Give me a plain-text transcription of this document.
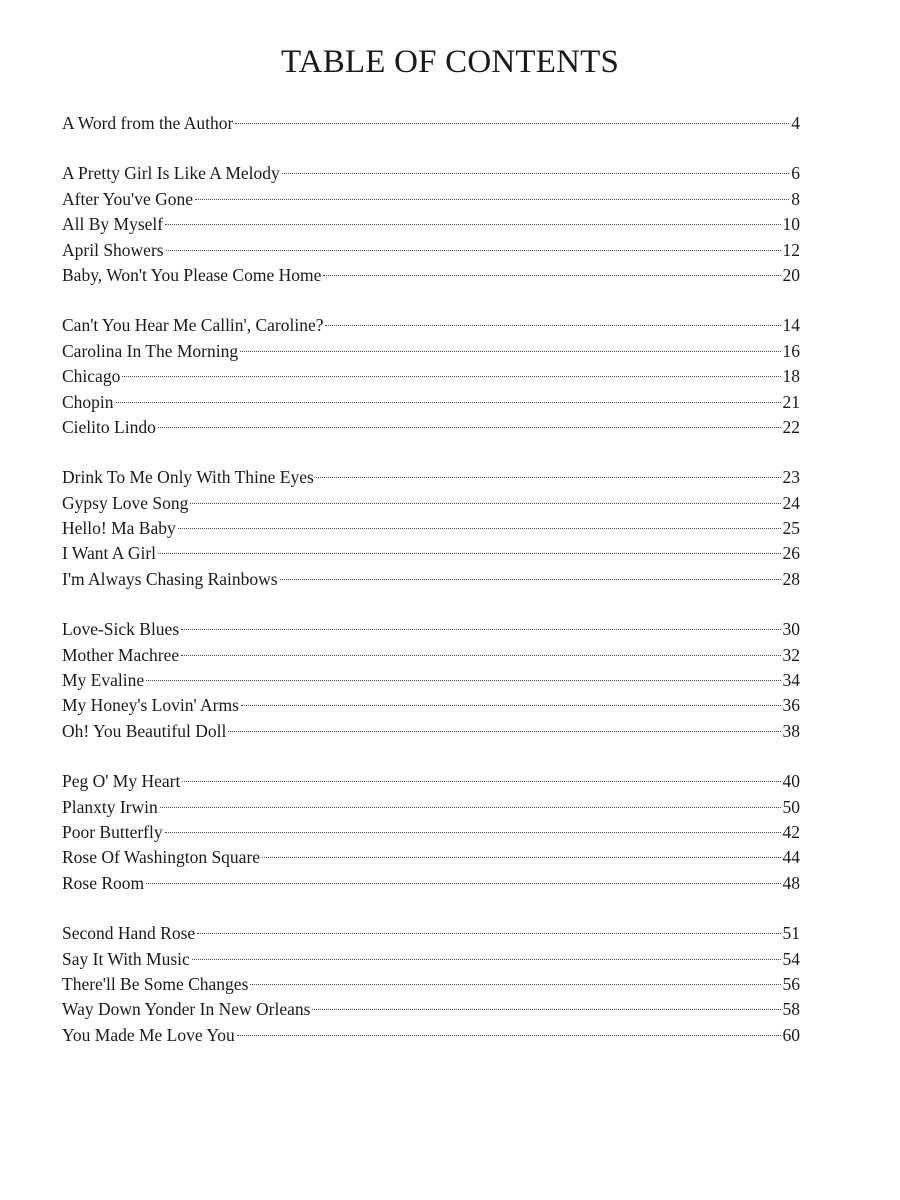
TABLE OF CONTENTS
A Word from the Author	4
A Pretty Girl Is Like A Melody	6
After You've Gone	8
All By Myself	10
April Showers	12
Baby, Won't You Please Come Home	20
Can't You Hear Me Callin', Caroline?	14
Carolina In The Morning	16
Chicago	18
Chopin	21
Cielito Lindo	22
Drink To Me Only With Thine Eyes	23
Gypsy Love Song	24
Hello! Ma Baby	25
I Want A Girl	26
I'm Always Chasing Rainbows	28
Love-Sick Blues	30
Mother Machree	32
My Evaline	34
My Honey's Lovin' Arms	36
Oh! You Beautiful Doll	38
Peg O' My Heart	40
Planxty Irwin	50
Poor Butterfly	42
Rose Of Washington Square	44
Rose Room	48
Second Hand Rose	51
Say It With Music	54
There'll Be Some Changes	56
Way Down Yonder In New Orleans	58
You Made Me Love You	60
